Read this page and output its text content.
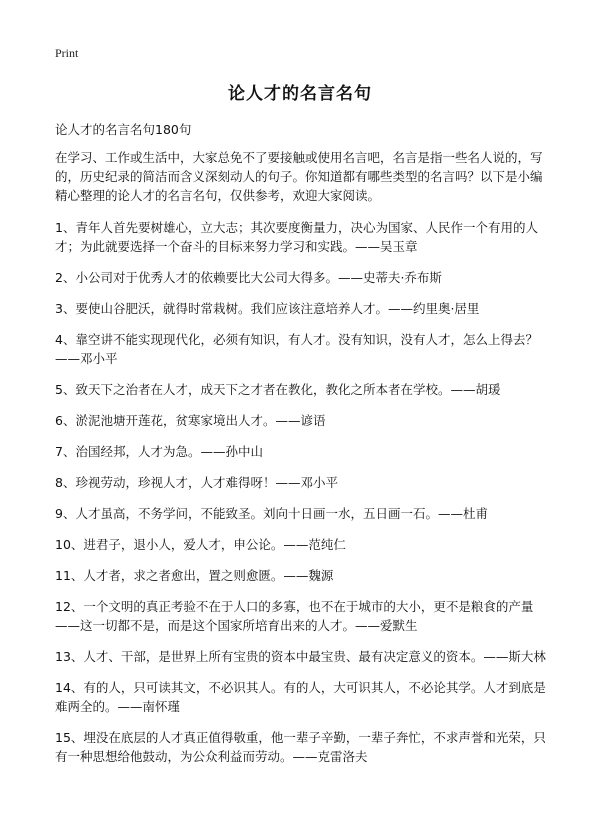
Print
论人才的名言名句
论人才的名言名句180句

在学习、工作或生活中，大家总免不了要接触或使用名言吧，名言是指一些名人说的，写的，历史纪录的简洁而含义深刻动人的句子。你知道都有哪些类型的名言吗？以下是小编精心整理的论人才的名言名句，仅供参考，欢迎大家阅读。

1、青年人首先要树雄心，立大志；其次要度衡量力，决心为国家、人民作一个有用的人才；为此就要选择一个奋斗的目标来努力学习和实践。——吴玉章

2、小公司对于优秀人才的依赖要比大公司大得多。——史蒂夫·乔布斯

3、要使山谷肥沃，就得时常栽树。我们应该注意培养人才。——约里奥·居里

4、靠空讲不能实现现代化，必须有知识，有人才。没有知识，没有人才，怎么上得去？——邓小平

5、致天下之治者在人才，成天下之才者在教化，教化之所本者在学校。——胡瑗

6、淤泥池塘开莲花，贫寒家境出人才。——谚语

7、治国经邦，人才为急。——孙中山

8、珍视劳动，珍视人才，人才难得呀！——邓小平

9、人才虽高，不务学问，不能致圣。刘向十日画一水，五日画一石。——杜甫

10、进君子，退小人，爱人才，申公论。——范纯仁

11、人才者，求之者愈出，置之则愈匮。——魏源

12、一个文明的真正考验不在于人口的多寡，也不在于城市的大小，更不是粮食的产量——这一切都不是，而是这个国家所培育出来的人才。——爱默生

13、人才、干部，是世界上所有宝贵的资本中最宝贵、最有决定意义的资本。——斯大林

14、有的人，只可读其文，不必识其人。有的人，大可识其人，不必论其学。人才到底是难两全的。——南怀瑾

15、埋没在底层的人才真正值得敬重，他一辈子辛勤，一辈子奔忙，不求声誉和光荣，只有一种思想给他鼓动，为公众利益而劳动。——克雷洛夫
